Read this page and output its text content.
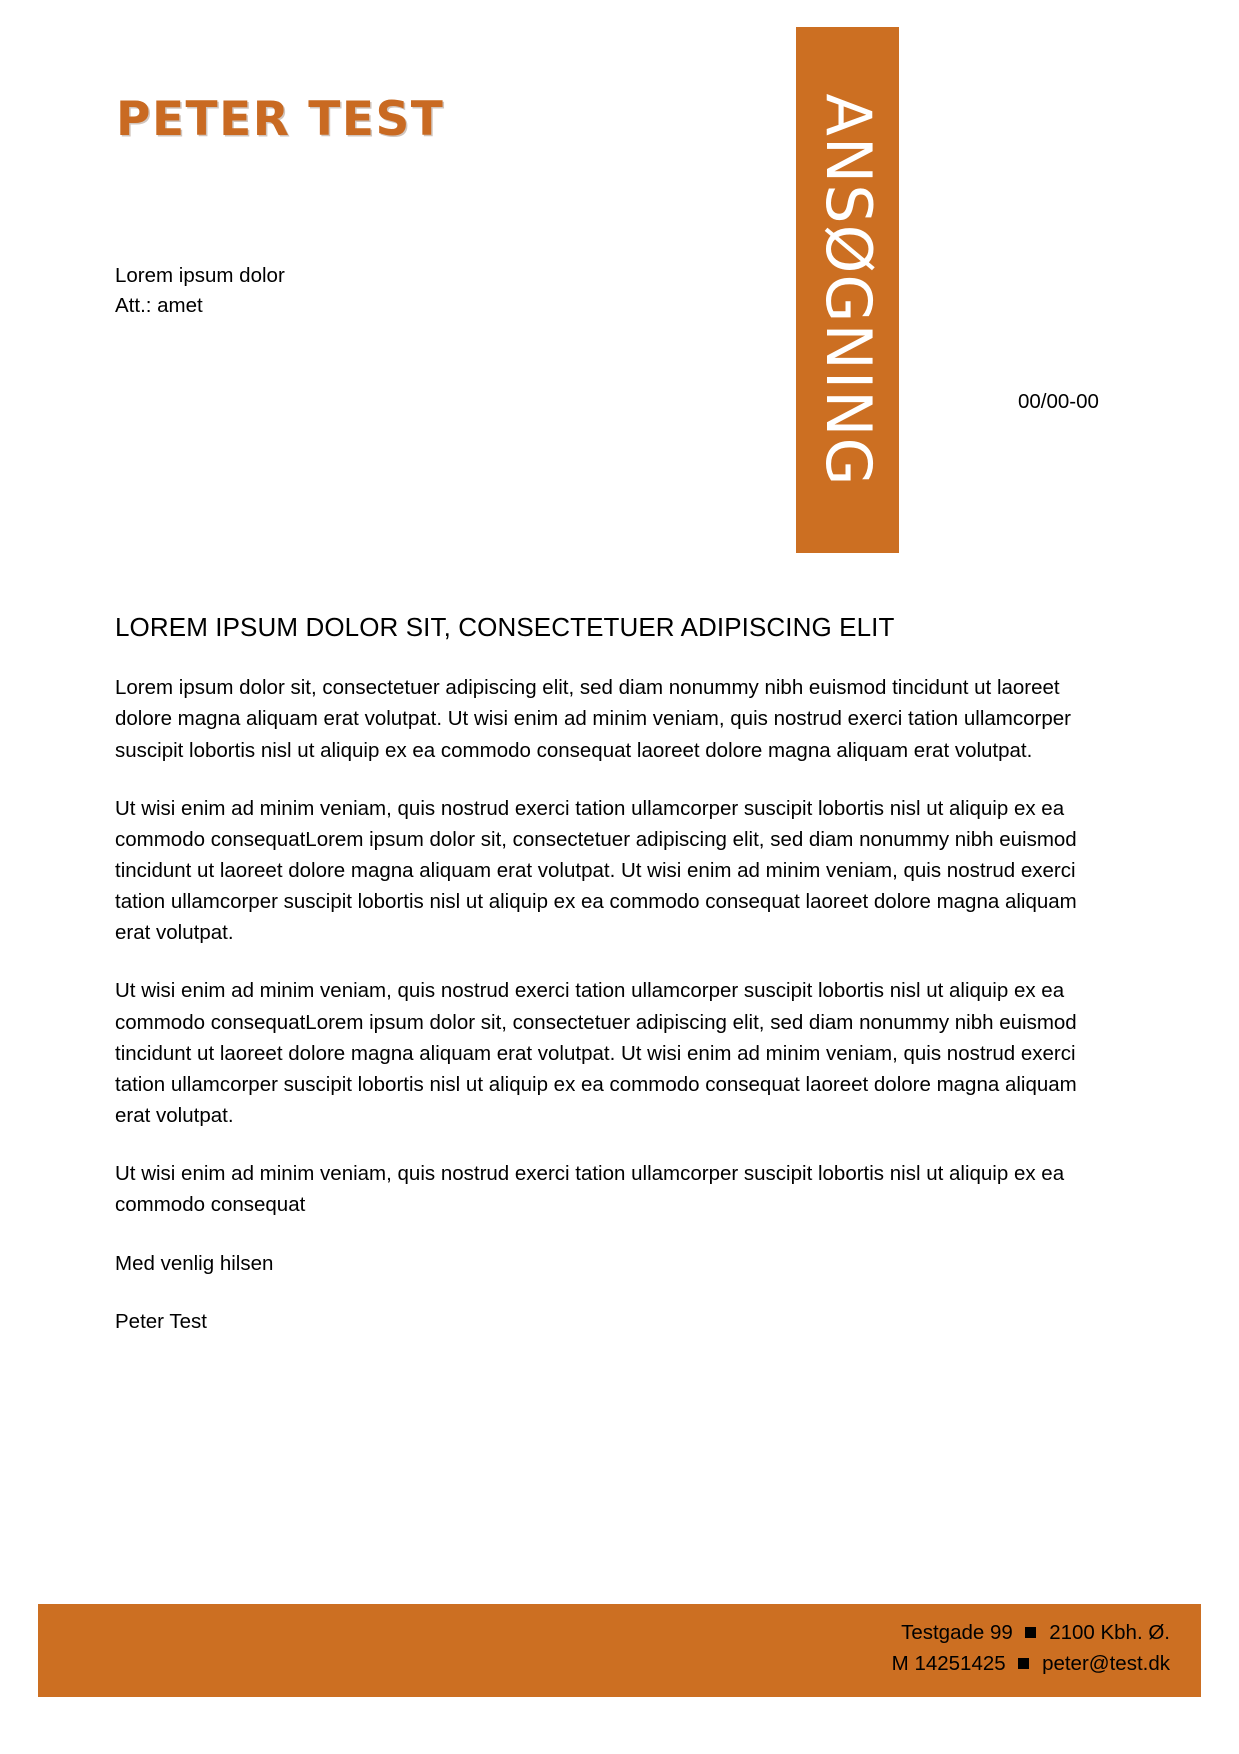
PETER TEST	ANSØGNING
Lorem ipsum dolor
Att.: amet
00/00-00
LOREM IPSUM DOLOR SIT, CONSECTETUER ADIPISCING ELIT

Lorem ipsum dolor sit, consectetuer adipiscing elit, sed diam nonummy nibh euismod tincidunt ut laoreet dolore magna aliquam erat volutpat. Ut wisi enim ad minim veniam, quis nostrud exerci tation ullamcorper suscipit lobortis nisl ut aliquip ex ea commodo consequat laoreet dolore magna aliquam erat volutpat.

Ut wisi enim ad minim veniam, quis nostrud exerci tation ullamcorper suscipit lobortis nisl ut aliquip ex ea commodo consequatLorem ipsum dolor sit, consectetuer adipiscing elit, sed diam nonummy nibh euismod tincidunt ut laoreet dolore magna aliquam erat volutpat. Ut wisi enim ad minim veniam, quis nostrud exerci tation ullamcorper suscipit lobortis nisl ut aliquip ex ea commodo consequat laoreet dolore magna aliquam erat volutpat.

Ut wisi enim ad minim veniam, quis nostrud exerci tation ullamcorper suscipit lobortis nisl ut aliquip ex ea commodo consequatLorem ipsum dolor sit, consectetuer adipiscing elit, sed diam nonummy nibh euismod tincidunt ut laoreet dolore magna aliquam erat volutpat. Ut wisi enim ad minim veniam, quis nostrud exerci tation ullamcorper suscipit lobortis nisl ut aliquip ex ea commodo consequat laoreet dolore magna aliquam erat volutpat.

Ut wisi enim ad minim veniam, quis nostrud exerci tation ullamcorper suscipit lobortis nisl ut aliquip ex ea commodo consequat

Med venlig hilsen

Peter Test

Testgade 99 2100 Kbh. Ø.
M 14251425 peter@test.dk
